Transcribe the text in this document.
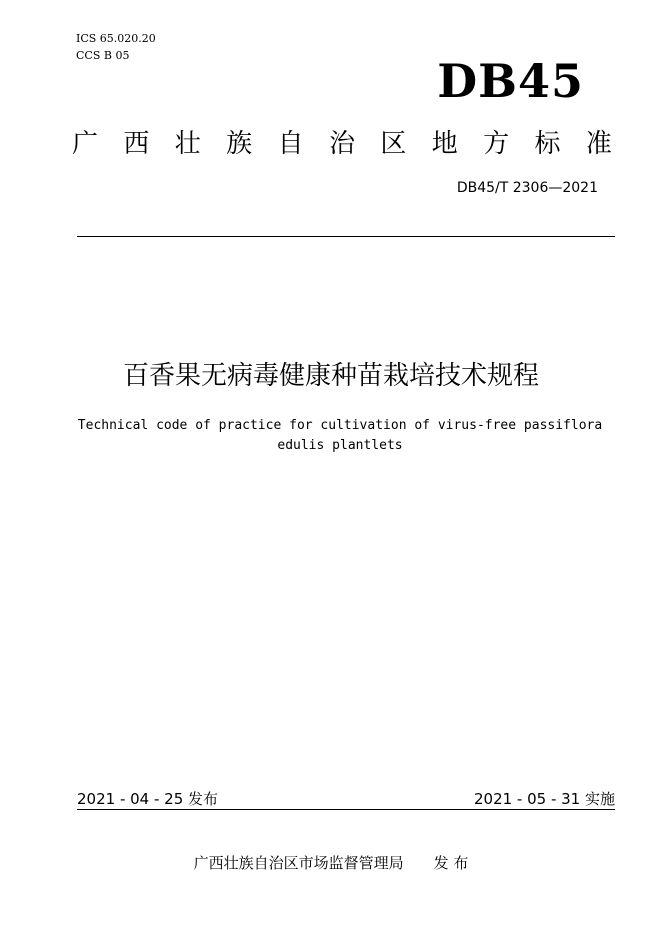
ICS 65.020.20
CCS B 05	DB45
广 西 壮 族 自 治 区 地 方 标 准
DB45/T 2306—2021
百香果无病毒健康种苗栽培技术规程
Technical code of practice for cultivation of virus-free passiflora edulis plantlets
2021 - 04 - 25 发布	2021 - 05 - 31 实施
广西壮族自治区市场监督管理局 发 布
